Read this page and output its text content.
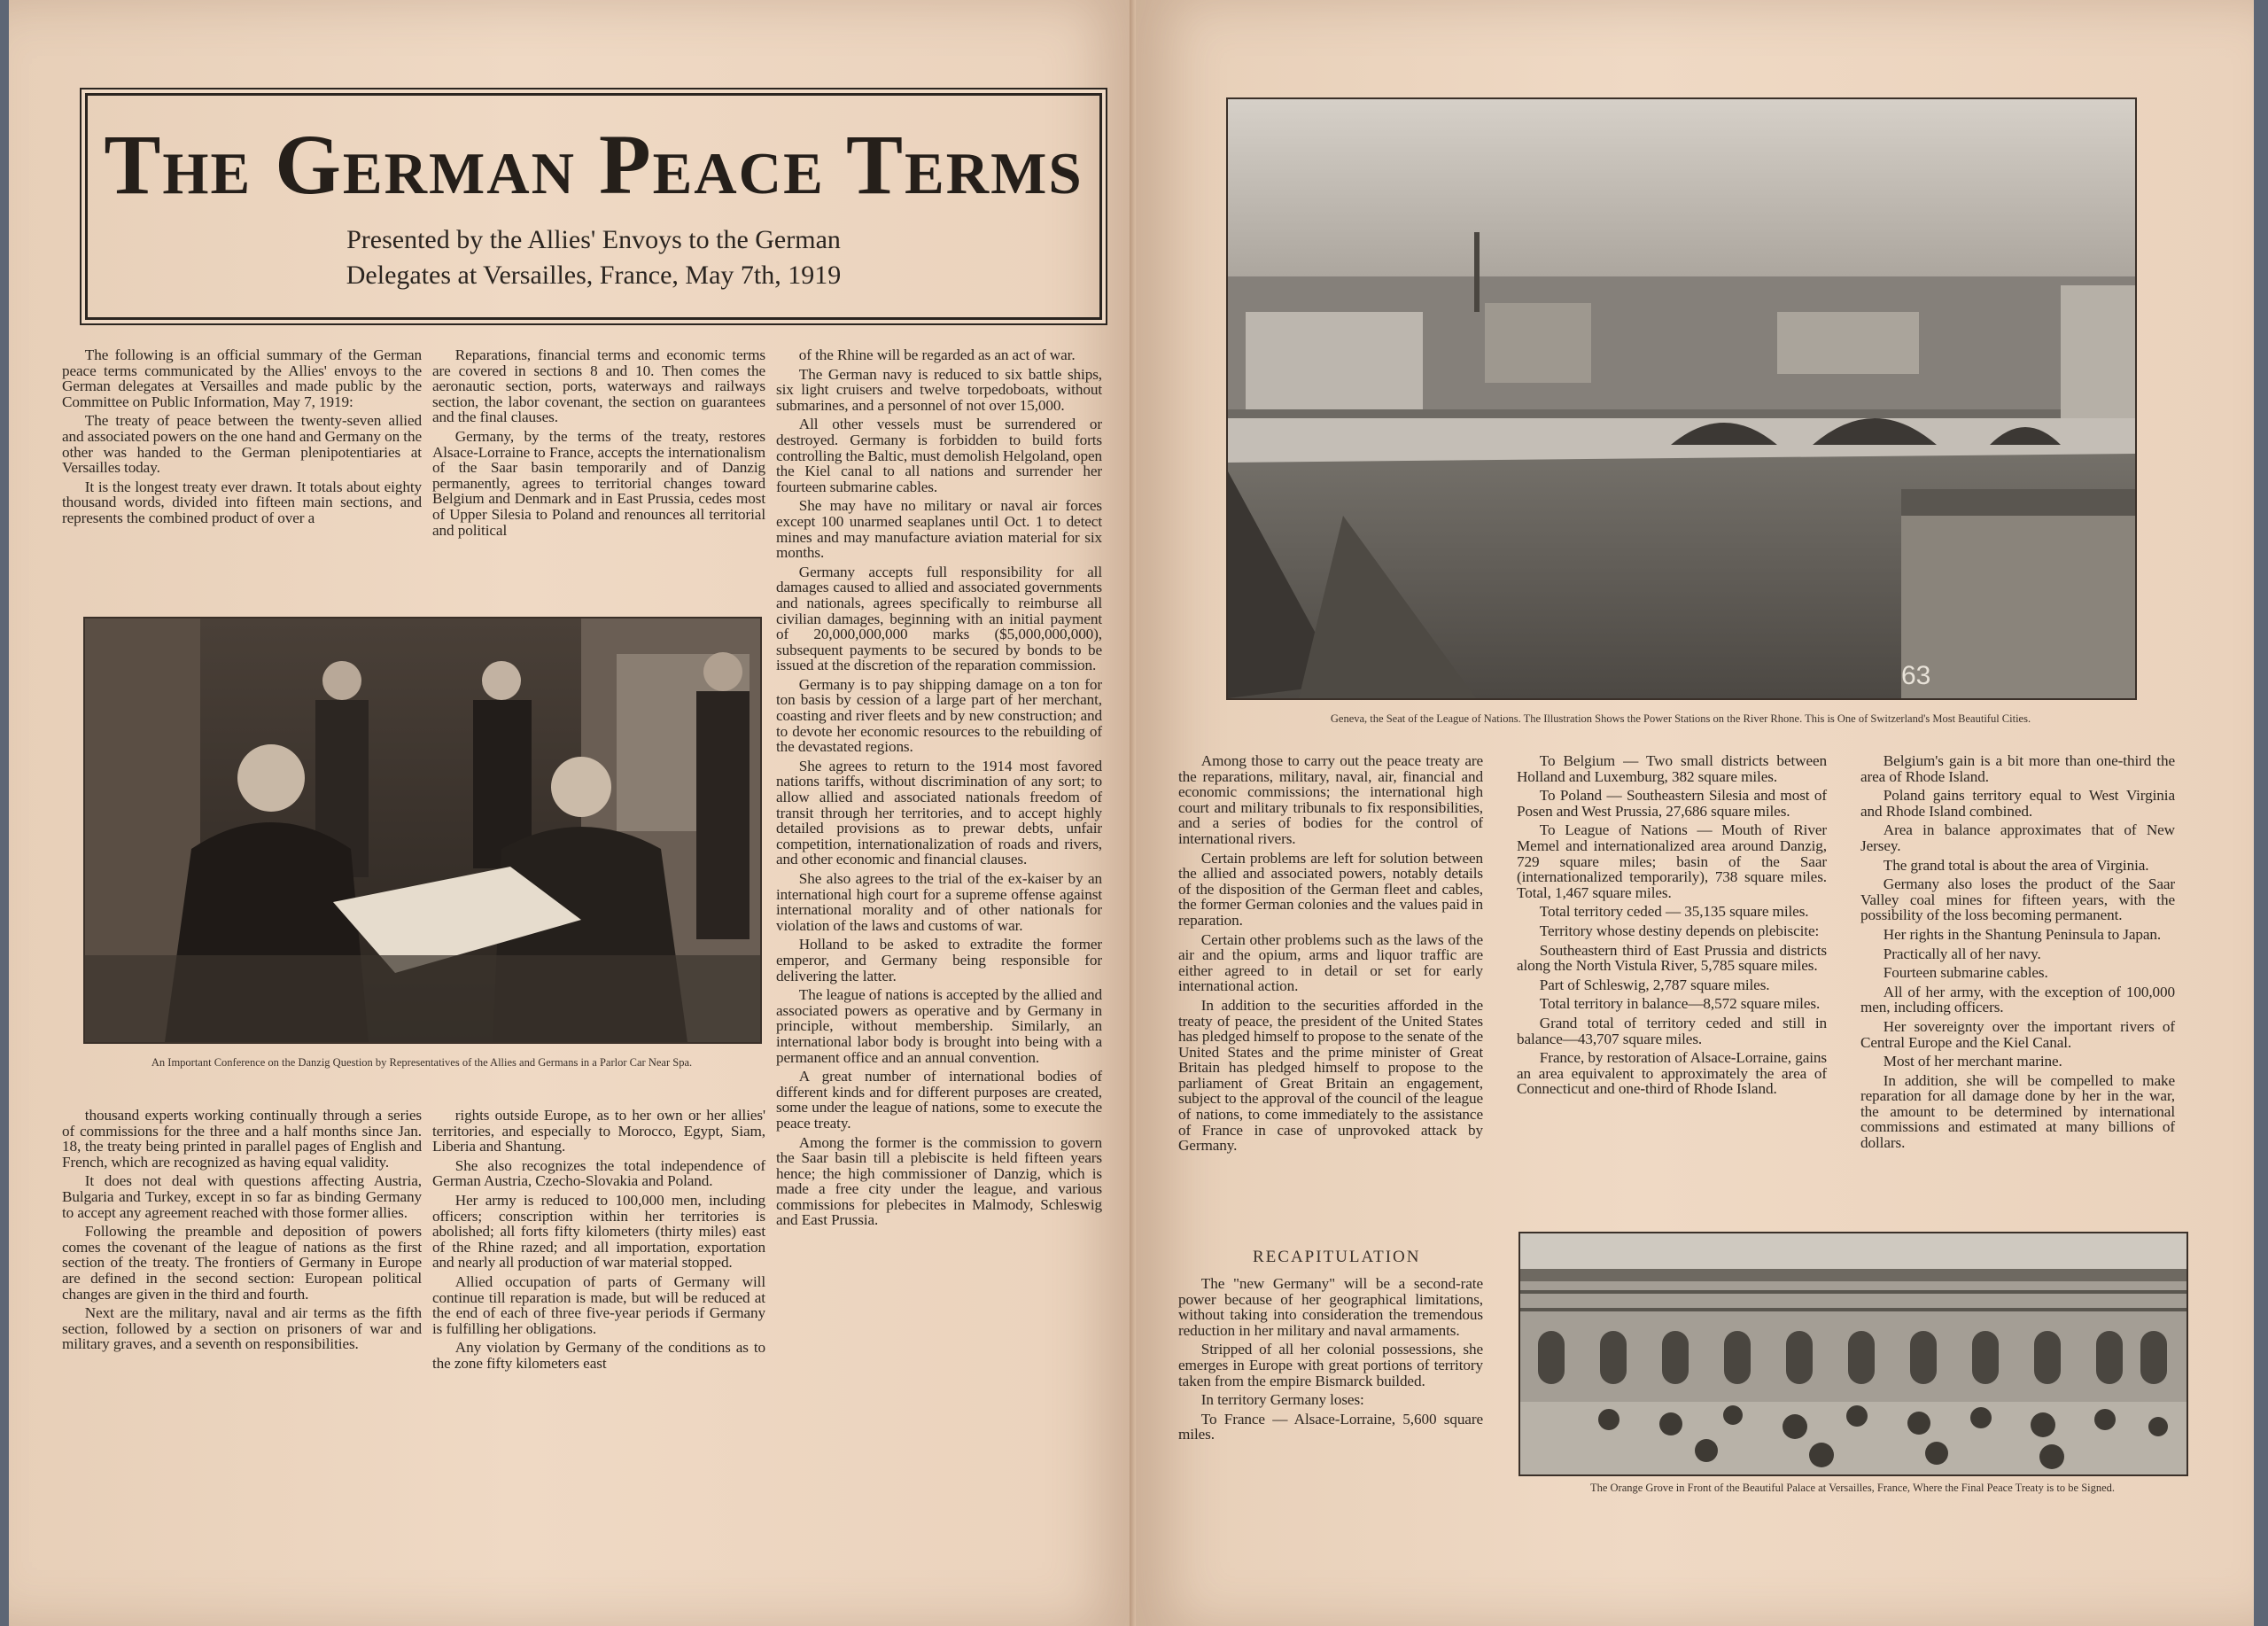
The German Peace Terms
Presented by the Allies' Envoys to the German
Delegates at Versailles, France, May 7th, 1919

The following is an official summary of the German peace terms communicated by the Allies' envoys to the German delegates at Versailles and made public by the Committee on Public Information, May 7, 1919:

The treaty of peace between the twenty-seven allied and associated powers on the one hand and Germany on the other was handed to the German plenipotentiaries at Versailles today.

It is the longest treaty ever drawn. It totals about eighty thousand words, divided into fifteen main sections, and represents the combined product of over a

Reparations, financial terms and economic terms are covered in sections 8 and 10. Then comes the aeronautic section, ports, waterways and railways section, the labor covenant, the section on guarantees and the final clauses.

Germany, by the terms of the treaty, restores Alsace-Lorraine to France, accepts the internationalism of the Saar basin temporarily and of Danzig permanently, agrees to territorial changes toward Belgium and Denmark and in East Prussia, cedes most of Upper Silesia to Poland and renounces all territorial and political

of the Rhine will be regarded as an act of war.

The German navy is reduced to six battle ships, six light cruisers and twelve torpedoboats, without submarines, and a personnel of not over 15,000.

All other vessels must be surrendered or destroyed. Germany is forbidden to build forts controlling the Baltic, must demolish Helgoland, open the Kiel canal to all nations and surrender her fourteen submarine cables.

She may have no military or naval air forces except 100 unarmed seaplanes until Oct. 1 to detect mines and may manufacture aviation material for six months.

Germany accepts full responsibility for all damages caused to allied and associated governments and nationals, agrees specifically to reimburse all civilian damages, beginning with an initial payment of 20,000,000,000 marks ($5,000,000,000), subsequent payments to be secured by bonds to be issued at the discretion of the reparation commission.

Germany is to pay shipping damage on a ton for ton basis by cession of a large part of her merchant, coasting and river fleets and by new construction; and to devote her economic resources to the rebuilding of the devastated regions.

She agrees to return to the 1914 most favored nations tariffs, without discrimination of any sort; to allow allied and associated nationals freedom of transit through her territories, and to accept highly detailed provisions as to prewar debts, unfair competition, internationalization of roads and rivers, and other economic and financial clauses.

She also agrees to the trial of the ex-kaiser by an international high court for a supreme offense against international morality and of other nationals for violation of the laws and customs of war.

Holland to be asked to extradite the former emperor, and Germany being responsible for delivering the latter.

The league of nations is accepted by the allied and associated powers as operative and by Germany in principle, without membership. Similarly, an international labor body is brought into being with a permanent office and an annual convention.

A great number of international bodies of different kinds and for different purposes are created, some under the league of nations, some to execute the peace treaty.

Among the former is the commission to govern the Saar basin till a plebiscite is held fifteen years hence; the high commissioner of Danzig, which is made a free city under the league, and various commissions for plebecites in Malmody, Schleswig and East Prussia.

An Important Conference on the Danzig Question by Representatives of the Allies and Germans in a Parlor Car Near Spa.

thousand experts working continually through a series of commissions for the three and a half months since Jan. 18, the treaty being printed in parallel pages of English and French, which are recognized as having equal validity.

It does not deal with questions affecting Austria, Bulgaria and Turkey, except in so far as binding Germany to accept any agreement reached with those former allies.

Following the preamble and deposition of powers comes the covenant of the league of nations as the first section of the treaty. The frontiers of Germany in Europe are defined in the second section: European political changes are given in the third and fourth.

Next are the military, naval and air terms as the fifth section, followed by a section on prisoners of war and military graves, and a seventh on responsibilities.

rights outside Europe, as to her own or her allies' territories, and especially to Morocco, Egypt, Siam, Liberia and Shantung.

She also recognizes the total independence of German Austria, Czecho-Slovakia and Poland.

Her army is reduced to 100,000 men, including officers; conscription within her territories is abolished; all forts fifty kilometers (thirty miles) east of the Rhine razed; and all importation, exportation and nearly all production of war material stopped.

Allied occupation of parts of Germany will continue till reparation is made, but will be reduced at the end of each of three five-year periods if Germany is fulfilling her obligations.

Any violation by Germany of the conditions as to the zone fifty kilometers east

63
Geneva, the Seat of the League of Nations. The Illustration Shows the Power Stations on the River Rhone. This is One of Switzerland's Most Beautiful Cities.

Among those to carry out the peace treaty are the reparations, military, naval, air, financial and economic commissions; the international high court and military tribunals to fix responsibilities, and a series of bodies for the control of international rivers.

Certain problems are left for solution between the allied and associated powers, notably details of the disposition of the German fleet and cables, the former German colonies and the values paid in reparation.

Certain other problems such as the laws of the air and the opium, arms and liquor traffic are either agreed to in detail or set for early international action.

In addition to the securities afforded in the treaty of peace, the president of the United States has pledged himself to propose to the senate of the United States and the prime minister of Great Britain has pledged himself to propose to the parliament of Great Britain an engagement, subject to the approval of the council of the league of nations, to come immediately to the assistance of France in case of unprovoked attack by Germany.

RECAPITULATION

The "new Germany" will be a second-rate power because of her geographical limitations, without taking into consideration the tremendous reduction in her military and naval armaments.

Stripped of all her colonial possessions, she emerges in Europe with great portions of territory taken from the empire Bismarck builded.

In territory Germany loses:

To France — Alsace-Lorraine, 5,600 square miles.

To Belgium — Two small districts between Holland and Luxemburg, 382 square miles.

To Poland — Southeastern Silesia and most of Posen and West Prussia, 27,686 square miles.

To League of Nations — Mouth of River Memel and internationalized area around Danzig, 729 square miles; basin of the Saar (internationalized temporarily), 738 square miles. Total, 1,467 square miles.

Total territory ceded — 35,135 square miles.

Territory whose destiny depends on plebiscite:

Southeastern third of East Prussia and districts along the North Vistula River, 5,785 square miles.

Part of Schleswig, 2,787 square miles.

Total territory in balance—8,572 square miles.

Grand total of territory ceded and still in balance—43,707 square miles.

France, by restoration of Alsace-Lorraine, gains an area equivalent to approximately the area of Connecticut and one-third of Rhode Island.

Belgium's gain is a bit more than one-third the area of Rhode Island.

Poland gains territory equal to West Virginia and Rhode Island combined.

Area in balance approximates that of New Jersey.

The grand total is about the area of Virginia.

Germany also loses the product of the Saar Valley coal mines for fifteen years, with the possibility of the loss becoming permanent.

Her rights in the Shantung Peninsula to Japan.

Practically all of her navy.

Fourteen submarine cables.

All of her army, with the exception of 100,000 men, including officers.

Her sovereignty over the important rivers of Central Europe and the Kiel Canal.

Most of her merchant marine.

In addition, she will be compelled to make reparation for all damage done by her in the war, the amount to be determined by international commissions and estimated at many billions of dollars.

The Orange Grove in Front of the Beautiful Palace at Versailles, France, Where the Final Peace Treaty is to be Signed.
